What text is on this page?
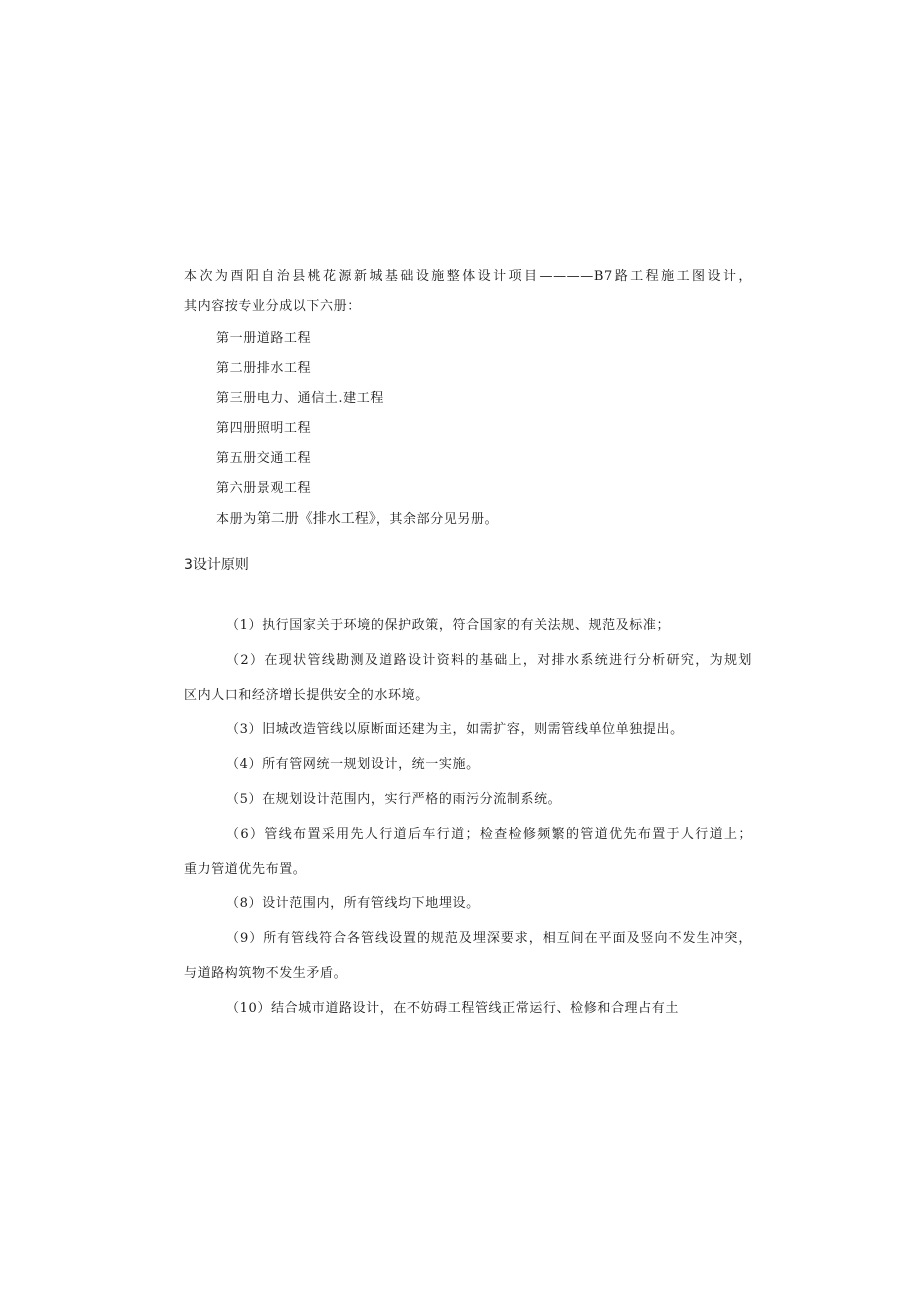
本次为酉阳自治县桃花源新城基础设施整体设计项目————B7路工程施工图设计，
其内容按专业分成以下六册：
第一册道路工程
第二册排水工程
第三册电力、通信土.建工程
第四册照明工程
第五册交通工程
第六册景观工程
本册为第二册《排水工程》，其余部分见另册。
3设计原则
（1）执行国家关于环境的保护政策，符合国家的有关法规、规范及标准；
（2）在现状管线勘测及道路设计资料的基础上，对排水系统进行分析研究，为规划
区内人口和经济增长提供安全的水环境。
（3）旧城改造管线以原断面还建为主，如需扩容，则需管线单位单独提出。
（4）所有管网统一规划设计，统一实施。
（5）在规划设计范围内，实行严格的雨污分流制系统。
（6）管线布置采用先人行道后车行道；检查检修频繁的管道优先布置于人行道上；
重力管道优先布置。
（8）设计范围内，所有管线均下地埋设。
（9）所有管线符合各管线设置的规范及埋深要求，相互间在平面及竖向不发生冲突，
与道路构筑物不发生矛盾。
（10）结合城市道路设计，在不妨碍工程管线正常运行、检修和合理占有土
